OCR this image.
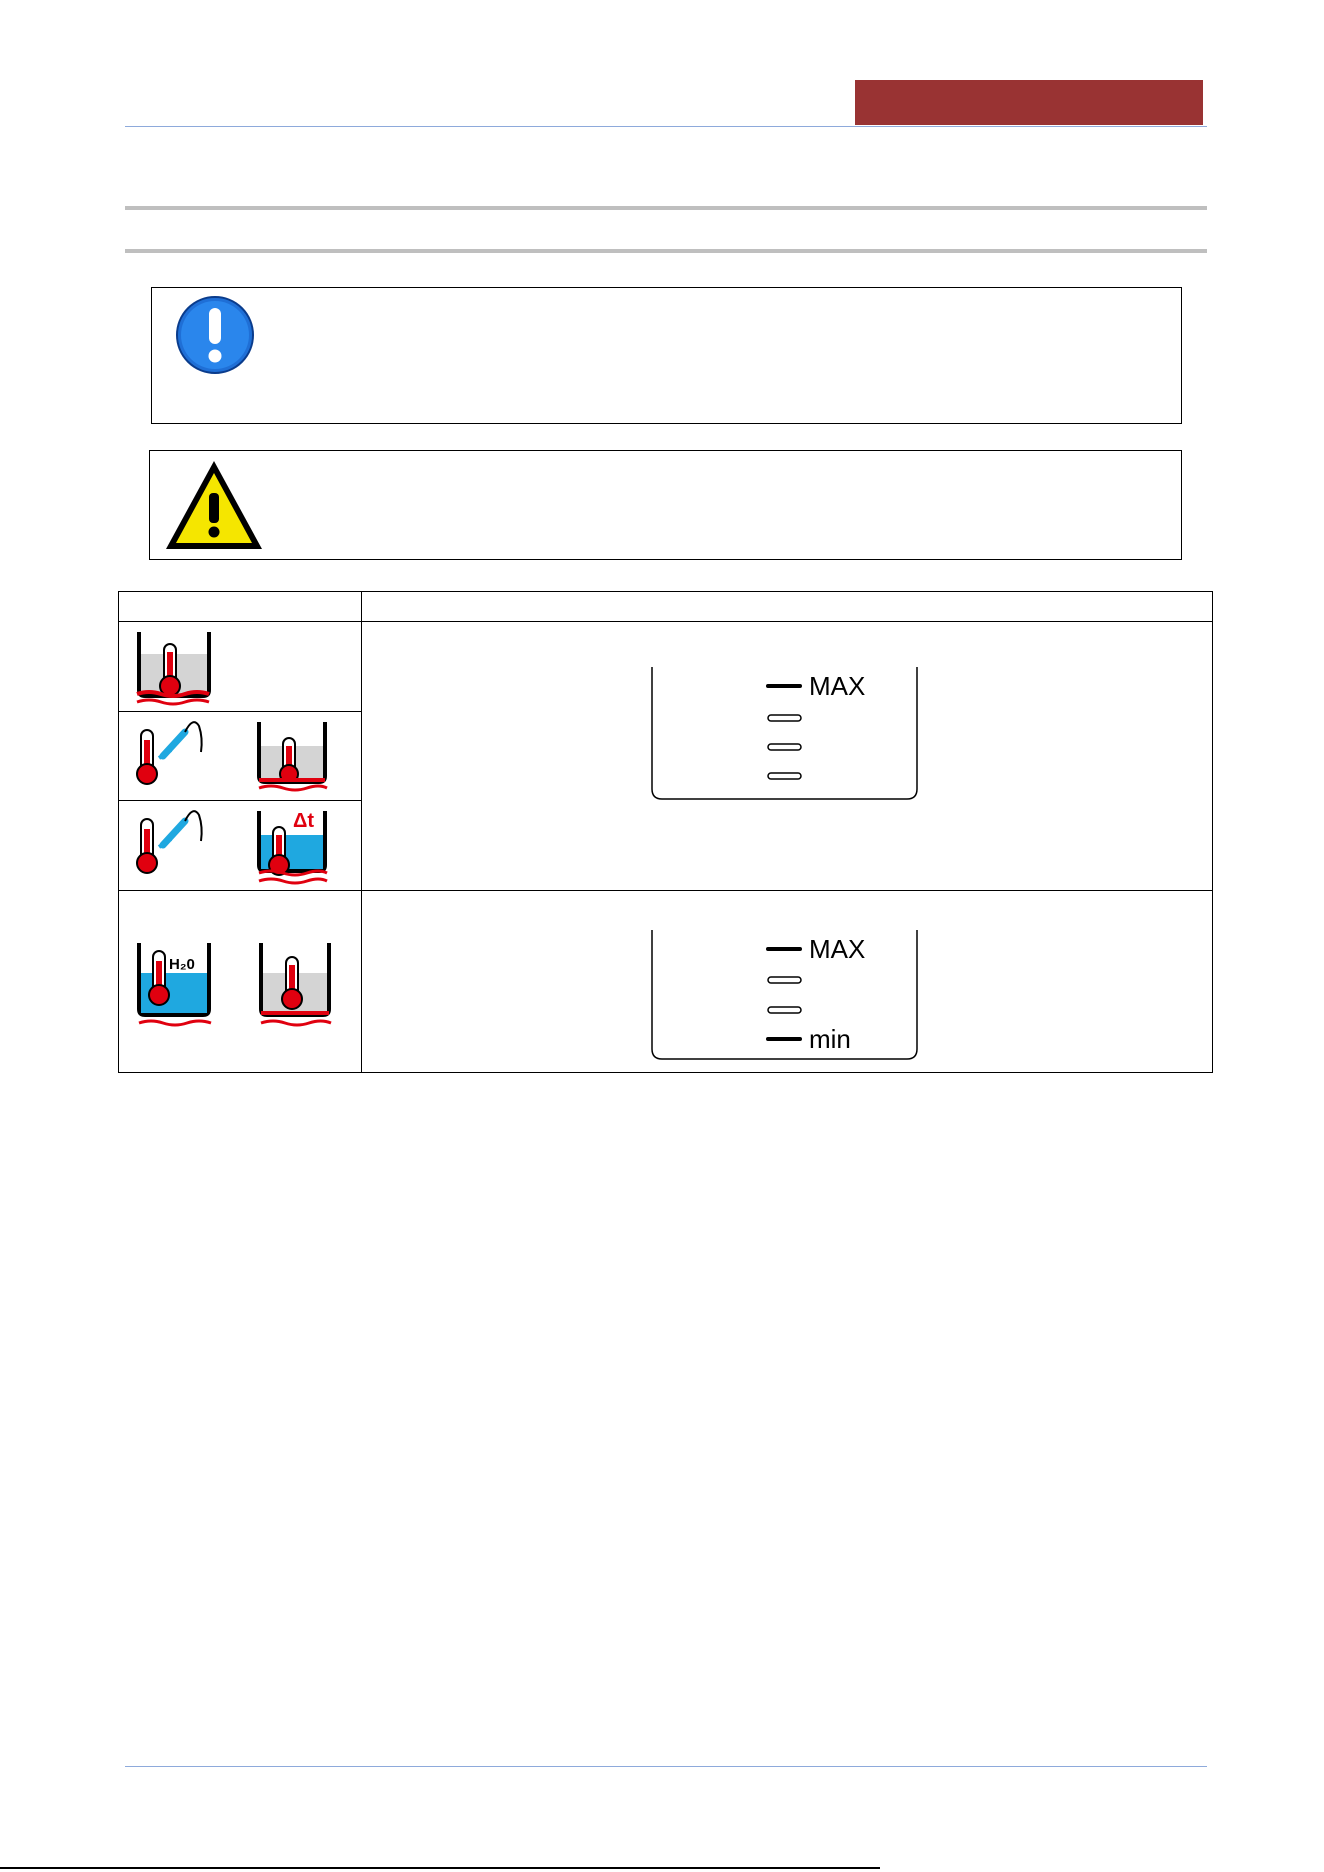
MAX

Δt	

H₂0	MAX
min
